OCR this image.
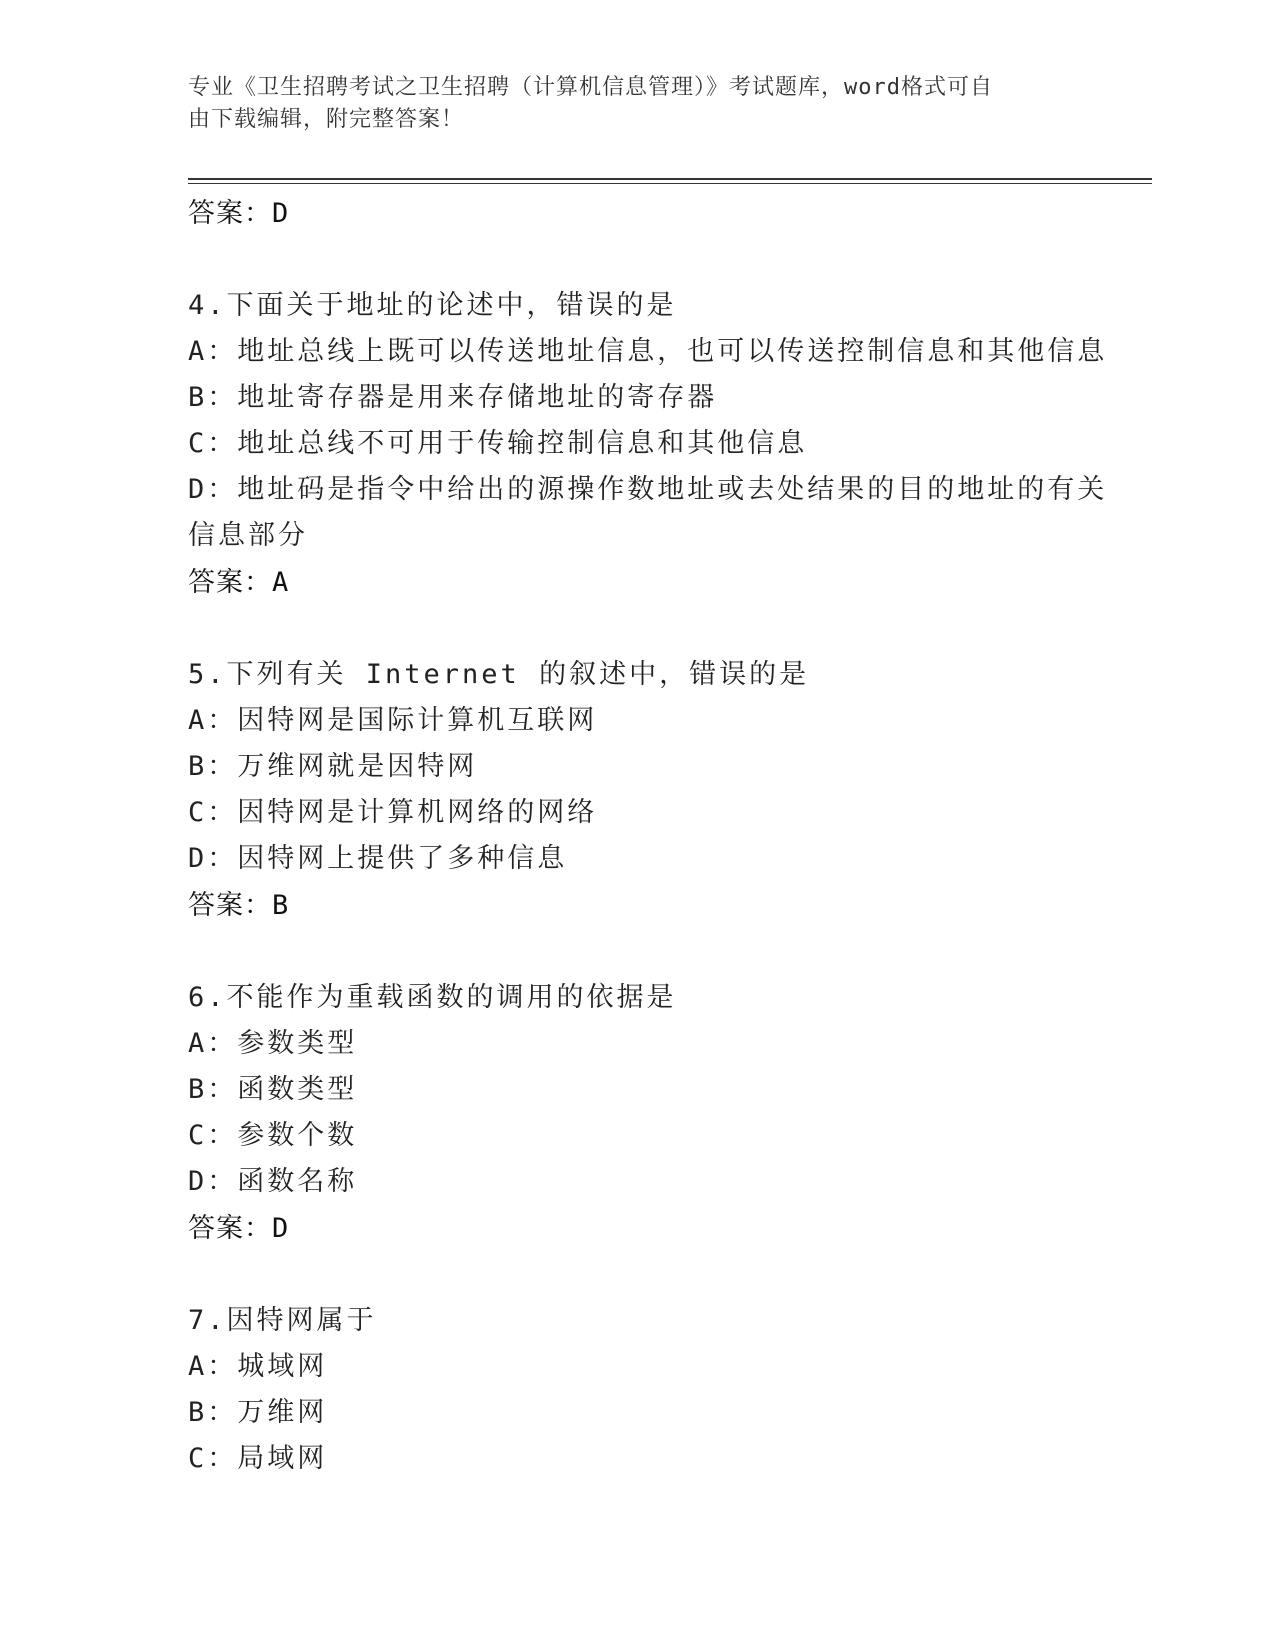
专业《卫生招聘考试之卫生招聘（计算机信息管理）》考试题库，word格式可自
由下载编辑，附完整答案！
答案：D
4.下面关于地址的论述中，错误的是
A：地址总线上既可以传送地址信息，也可以传送控制信息和其他信息
B：地址寄存器是用来存储地址的寄存器
C：地址总线不可用于传输控制信息和其他信息
D：地址码是指令中给出的源操作数地址或去处结果的目的地址的有关
信息部分
答案：A
5.下列有关 Internet 的叙述中，错误的是
A：因特网是国际计算机互联网
B：万维网就是因特网
C：因特网是计算机网络的网络
D：因特网上提供了多种信息
答案：B
6.不能作为重载函数的调用的依据是
A：参数类型
B：函数类型
C：参数个数
D：函数名称
答案：D
7.因特网属于
A：城域网
B：万维网
C：局域网
